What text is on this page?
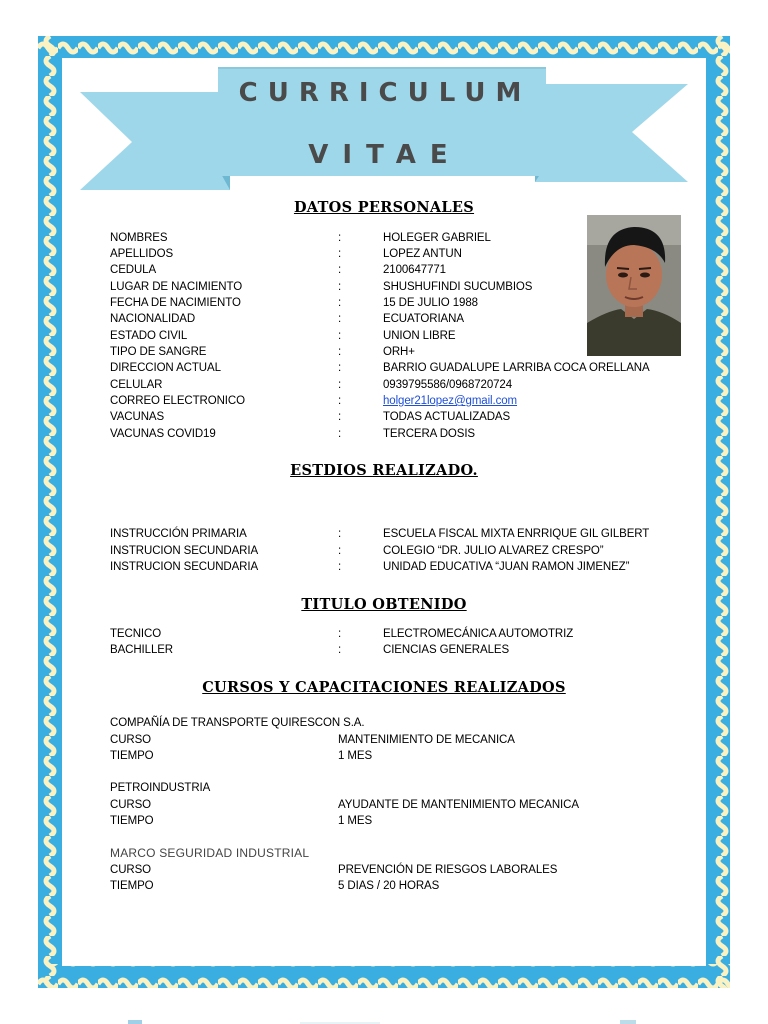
CURRICULUM
VITAE
DATOS PERSONALES
NOMBRES	:	HOLEGER GABRIEL
APELLIDOS	:	LOPEZ ANTUN
CEDULA	:	2100647771
LUGAR DE NACIMIENTO	:	SHUSHUFINDI SUCUMBIOS
FECHA DE NACIMIENTO	:	15 DE JULIO 1988
NACIONALIDAD	:	ECUATORIANA
ESTADO CIVIL	:	UNION LIBRE
TIPO DE SANGRE	:	ORH+
DIRECCION ACTUAL	:	BARRIO GUADALUPE LARRIBA COCA ORELLANA
CELULAR	:	0939795586/0968720724
CORREO ELECTRONICO	:	holger21lopez@gmail.com
VACUNAS	:	TODAS ACTUALIZADAS
VACUNAS COVID19	:	TERCERA DOSIS
ESTDIOS REALIZADO.
INSTRUCCIÓN PRIMARIA	:	ESCUELA FISCAL MIXTA ENRRIQUE GIL GILBERT
INSTRUCION SECUNDARIA	:	COLEGIO “DR. JULIO ALVAREZ CRESPO”
INSTRUCION SECUNDARIA	:	UNIDAD EDUCATIVA “JUAN RAMON JIMENEZ”
TITULO OBTENIDO
TECNICO	:	ELECTROMECÁNICA AUTOMOTRIZ
BACHILLER	:	CIENCIAS GENERALES
CURSOS Y CAPACITACIONES REALIZADOS
COMPAÑÍA DE TRANSPORTE QUIRESCON S.A.
CURSO	MANTENIMIENTO DE MECANICA
TIEMPO	1 MES
PETROINDUSTRIA
CURSO	AYUDANTE DE MANTENIMIENTO MECANICA
TIEMPO	1 MES
MARCO SEGURIDAD INDUSTRIAL
CURSO	PREVENCIÓN DE RIESGOS LABORALES
TIEMPO	5 DIAS / 20 HORAS
